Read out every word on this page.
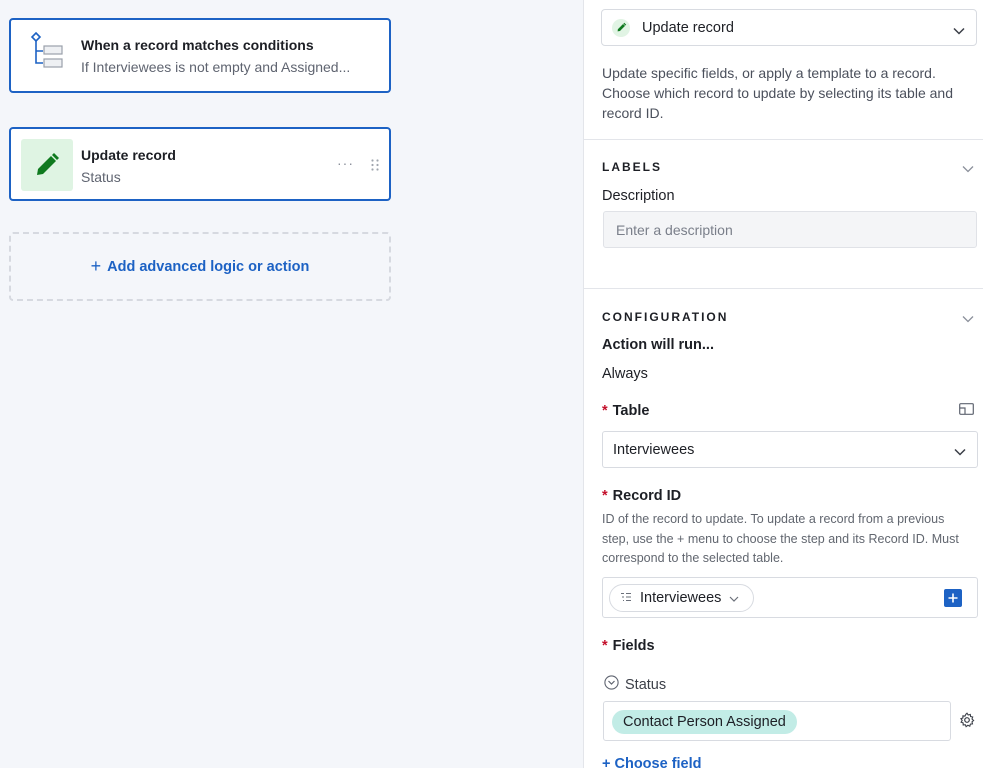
When a record matches conditions
If Interviewees is not empty and Assigned...
Update record
Status
···
+ Add advanced logic or action
Update record
Update specific fields, or apply a template to a record. Choose which record to update by selecting its table and record ID.
LABELS
Description
Enter a description
CONFIGURATION
Action will run...
Always
* Table
Interviewees
* Record ID
ID of the record to update. To update a record from a previous step, use the + menu to choose the step and its Record ID. Must correspond to the selected table.
Interviewees
* Fields
Status
Contact Person Assigned
+ Choose field
